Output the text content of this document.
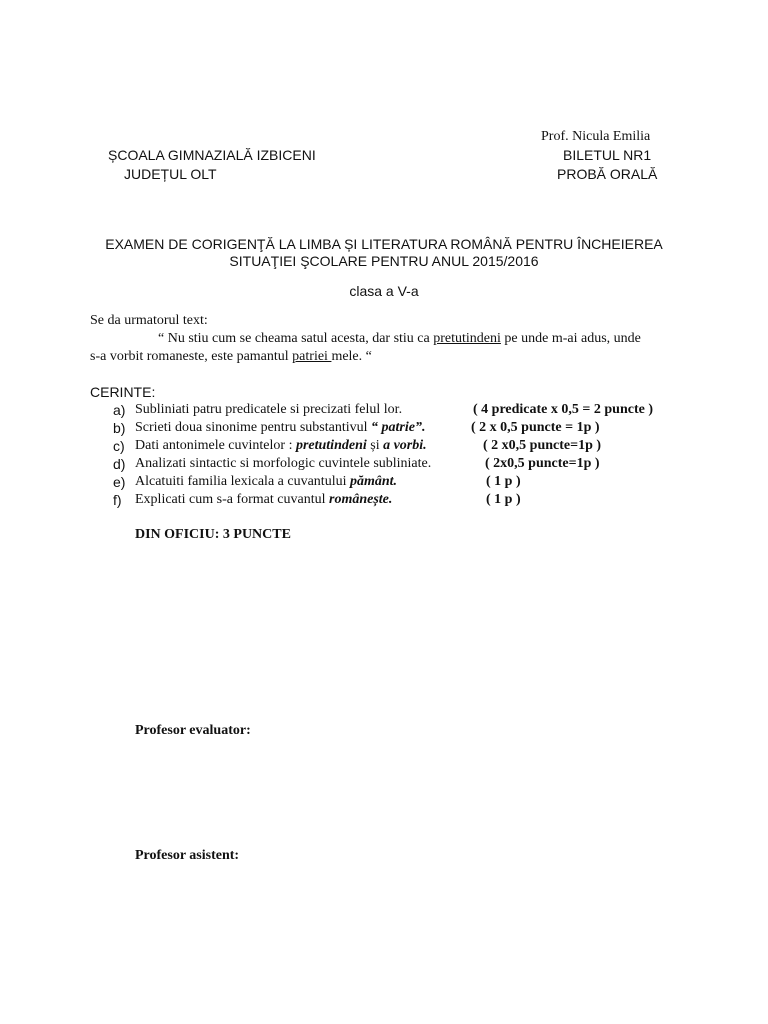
Prof. Nicula Emilia
ȘCOALA GIMNAZIALĂ IZBICENI	BILETUL NR1
JUDEȚUL OLT	PROBĂ ORALĂ
EXAMEN DE CORIGENŢĂ LA LIMBA ȘI LITERATURA ROMÂNĂ PENTRU ÎNCHEIEREA
SITUAŢIEI ŞCOLARE PENTRU ANUL 2015/2016
clasa a V-a
Se da urmatorul text:
“ Nu stiu cum se cheama satul acesta, dar stiu ca pretutindeni pe unde m-ai adus, unde
s-a vorbit romaneste, este pamantul patriei mele. “
CERINTE:
a) Subliniati patru predicatele si precizati felul lor.	( 4 predicate x 0,5 = 2 puncte )
b) Scrieti doua sinonime pentru substantivul “ patrie”.	( 2 x 0,5 puncte = 1p )
c) Dati antonimele cuvintelor : pretutindeni și a vorbi.	( 2 x0,5 puncte=1p )
d) Analizati sintactic si morfologic cuvintele subliniate.	( 2x0,5 puncte=1p )
e) Alcatuiti familia lexicala a cuvantului pământ.	( 1 p )
f) Explicati cum s-a format cuvantul românește.	( 1 p )
DIN OFICIU: 3 PUNCTE
Profesor evaluator:
Profesor asistent:
